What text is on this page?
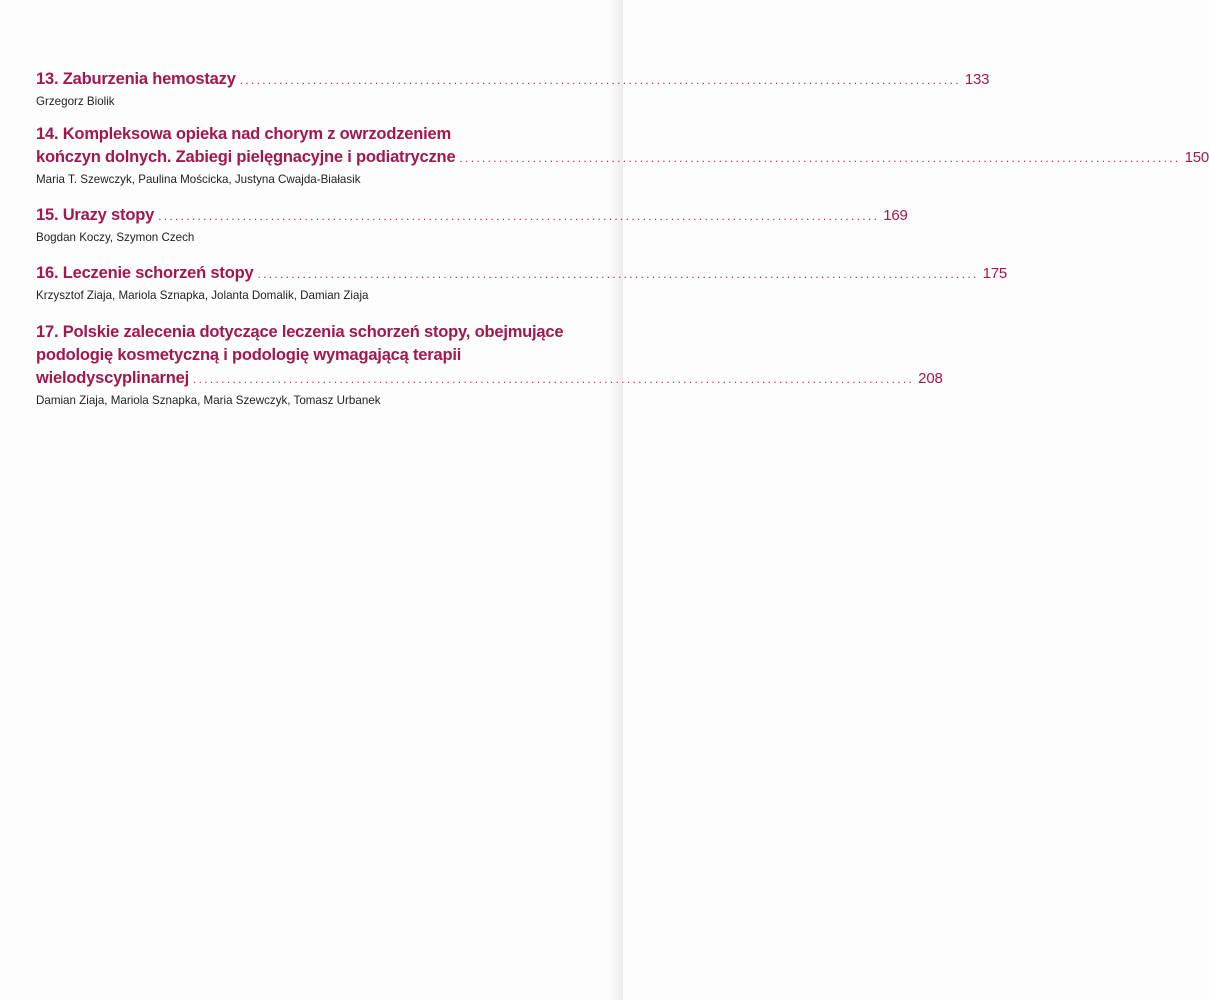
13. Zaburzenia hemostazy ................................................................................................................................ 133
Grzegorz Biolik
14. Kompleksowa opieka nad chorym z owrzodzeniem
kończyn dolnych. Zabiegi pielęgnacyjne i podiatryczne ................................................................................................................................ 150
Maria T. Szewczyk, Paulina Mościcka, Justyna Cwajda-Białasik
15. Urazy stopy ................................................................................................................................ 169
Bogdan Koczy, Szymon Czech
16. Leczenie schorzeń stopy ................................................................................................................................ 175
Krzysztof Ziaja, Mariola Sznapka, Jolanta Domalik, Damian Ziaja
17. Polskie zalecenia dotyczące leczenia schorzeń stopy, obejmujące
podologię kosmetyczną i podologię wymagającą terapii
wielodyscyplinarnej ................................................................................................................................ 208
Damian Ziaja, Mariola Sznapka, Maria Szewczyk, Tomasz Urbanek
